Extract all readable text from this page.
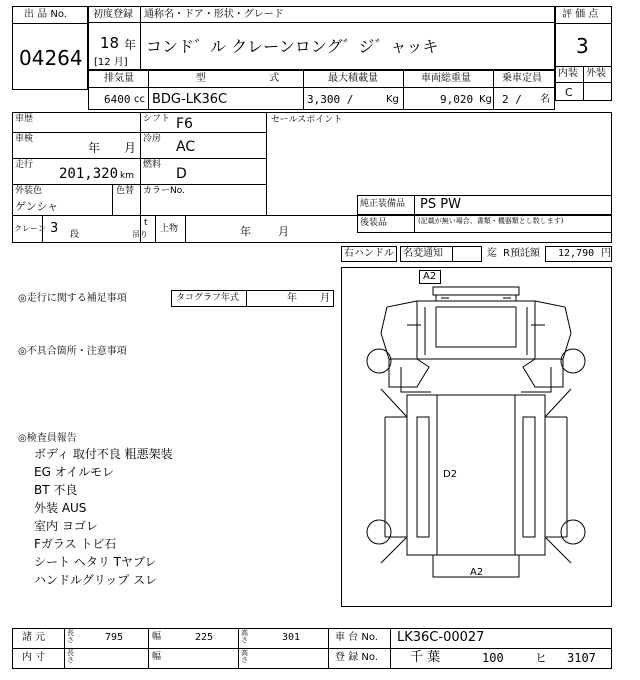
出 品 No.
04264
初度登録 通称名・ドア・形状・グレード
18 年
[12 月]
コンド゛ル クレーンロング゛ジ゛ャッキ
評 価 点
3
内装 外装
C
排気量	型 式 最大積載量	車両総重量	乗車定員
6400 cc BDG-LK36C	3,300 /	Kg	9,020 Kg 2 / 名
車歴	シフト F6
車検
年 月
冷房 AC
走行
201,320 km
燃料
D
外装色
ゲンシャ
色替 カラーNo.
セールスポイント
純正装備品 PS PW
後装品	(記載が無い場合、書類・機器類とし数します)
クレーン 3 段
t
吊り
上物	年 月
右ハンドル 名変通知	迄 R預託額 12,790 円
◎走行に関する補足事項	タコグラフ年式	年 月
◎不具合箇所・注意事項
◎検査員報告
ボディ 取付不良 粗悪架装
EG オイルモレ
BT 不良
外装 AUS
室内 ヨゴレ
Fガラス トビ石
シート ヘタリ Tヤブレ
ハンドルグリップ スレ
A2
D2
A2
諸 元	長さ	795	幅	225	高さ	301	車 台 No. LK36C-00027
内 寸	長さ	幅	高さ	登 録 No. 千 葉	100	ヒ 3107
